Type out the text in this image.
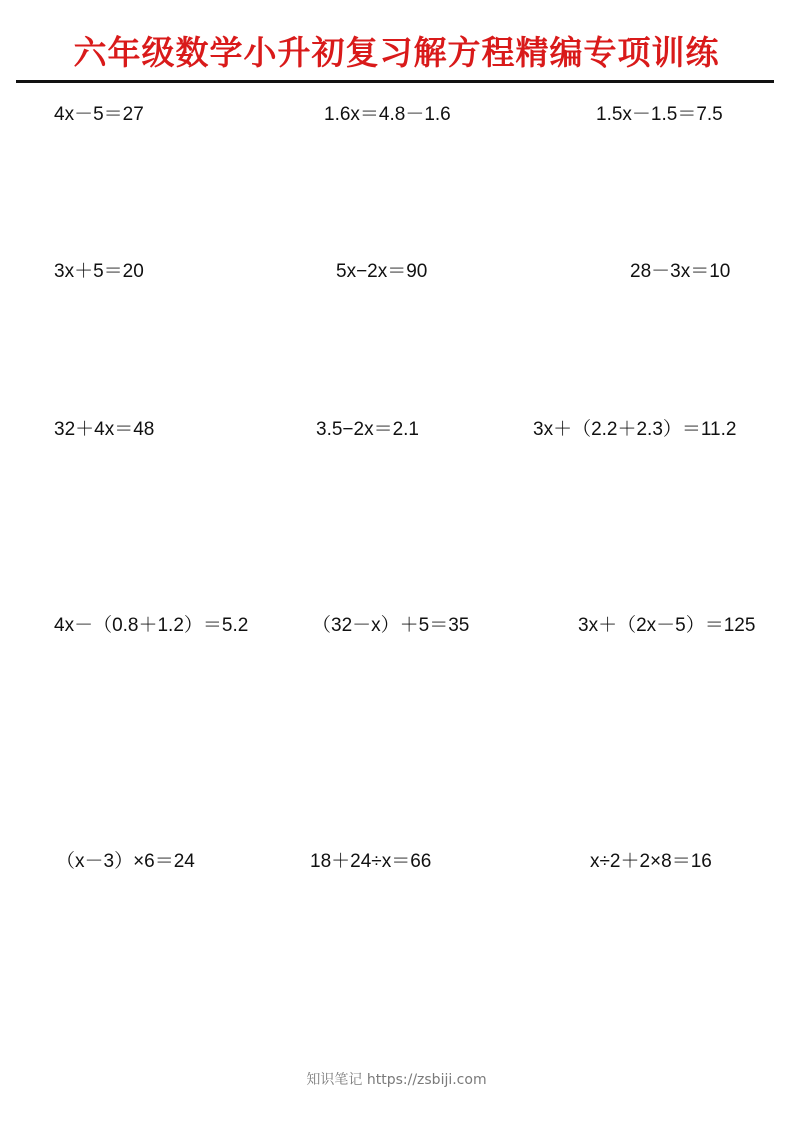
六年级数学小升初复习解方程精编专项训练
4x－5＝27	1.6x＝4.8－1.6	1.5x－1.5＝7.5
3x＋5＝20	5x−2x＝90	28－3x＝10
32＋4x＝48	3.5−2x＝2.1	3x＋（2.2＋2.3）＝11.2
4x－（0.8＋1.2）＝5.2	（32－x）＋5＝35	3x＋（2x－5）＝125
（x－3）×6＝24	18＋24÷x＝66	x÷2＋2×8＝16
知识笔记 https://zsbiji.com
